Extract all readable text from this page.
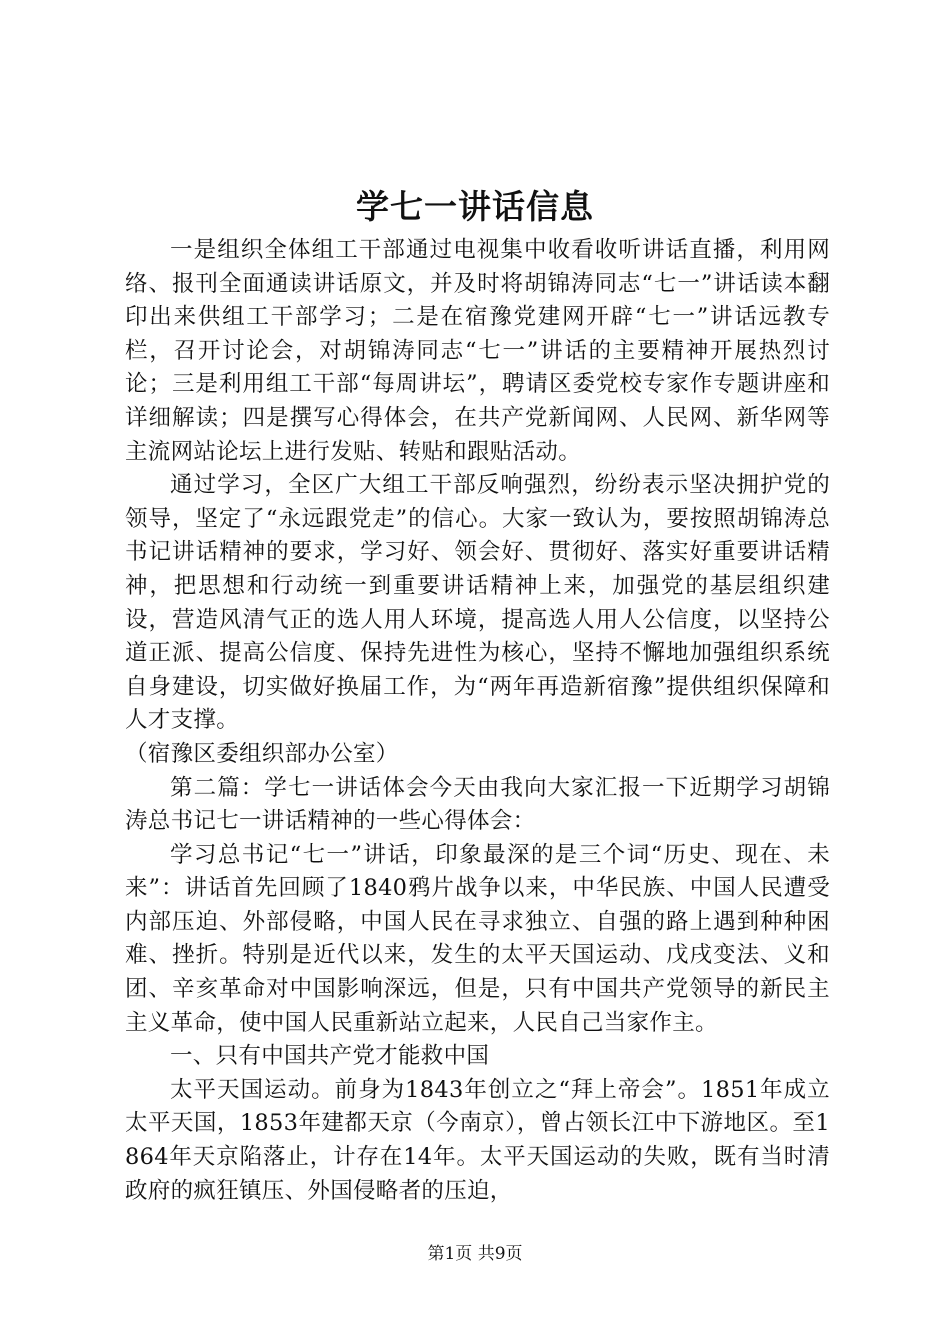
学七一讲话信息

一是组织全体组工干部通过电视集中收看收听讲话直播，利用网络、报刊全面通读讲话原文，并及时将胡锦涛同志“七一”讲话读本翻印出来供组工干部学习；二是在宿豫党建网开辟“七一”讲话远教专栏，召开讨论会，对胡锦涛同志“七一”讲话的主要精神开展热烈讨论；三是利用组工干部“每周讲坛”，聘请区委党校专家作专题讲座和详细解读；四是撰写心得体会，在共产党新闻网、人民网、新华网等主流网站论坛上进行发贴、转贴和跟贴活动。

通过学习，全区广大组工干部反响强烈，纷纷表示坚决拥护党的领导，坚定了“永远跟党走”的信心。大家一致认为，要按照胡锦涛总书记讲话精神的要求，学习好、领会好、贯彻好、落实好重要讲话精神，把思想和行动统一到重要讲话精神上来，加强党的基层组织建设，营造风清气正的选人用人环境，提高选人用人公信度，以坚持公道正派、提高公信度、保持先进性为核心，坚持不懈地加强组织系统自身建设，切实做好换届工作，为“两年再造新宿豫”提供组织保障和人才支撑。

（宿豫区委组织部办公室）

第二篇：学七一讲话体会今天由我向大家汇报一下近期学习胡锦涛总书记七一讲话精神的一些心得体会：

学习总书记“七一”讲话，印象最深的是三个词“历史、现在、未来”：讲话首先回顾了1840鸦片战争以来，中华民族、中国人民遭受内部压迫、外部侵略，中国人民在寻求独立、自强的路上遇到种种困难、挫折。特别是近代以来，发生的太平天国运动、戊戌变法、义和团、辛亥革命对中国影响深远，但是，只有中国共产党领导的新民主主义革命，使中国人民重新站立起来，人民自己当家作主。

一、只有中国共产党才能救中国

太平天国运动。前身为1843年创立之“拜上帝会”。1851年成立太平天国，1853年建都天京（今南京），曾占领长江中下游地区。至1864年天京陷落止，计存在14年。太平天国运动的失败，既有当时清政府的疯狂镇压、外国侵略者的压迫，

第1页 共9页
